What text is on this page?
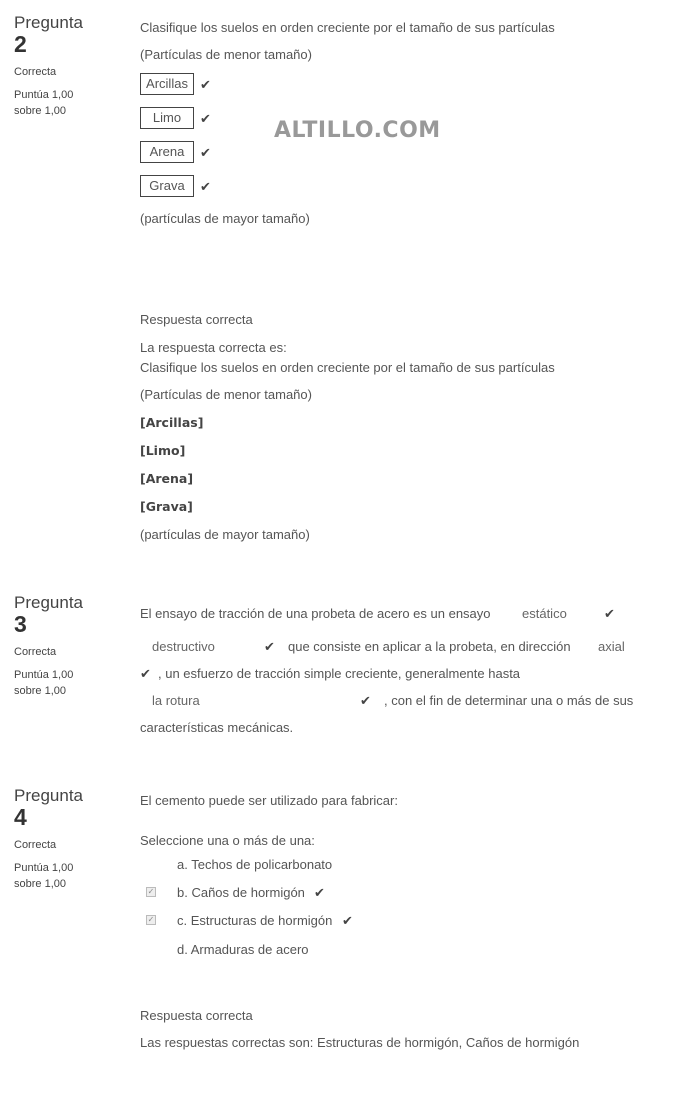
ALTILLO.COM
Pregunta
2
Correcta
Puntúa 1,00 sobre 1,00
Clasifique los suelos en orden creciente por el tamaño de sus partículas
(Partículas de menor tamaño)
Arcillas ✔
Limo	✔
Arena	✔
Grava	✔
(partículas de mayor tamaño)
Respuesta correcta
La respuesta correcta es:
Clasifique los suelos en orden creciente por el tamaño de sus partículas
(Partículas de menor tamaño)
[Arcillas]
[Limo]
[Arena]
[Grava]
(partículas de mayor tamaño)
Pregunta
3
Correcta
Puntúa 1,00 sobre 1,00
El ensayo de tracción de una probeta de acero es un ensayo estático	✔
destructivo	✔ que consiste en aplicar a la probeta, en dirección axial
✔ , un esfuerzo de tracción simple creciente, generalmente hasta
la rotura	✔ , con el fin de determinar una o más de sus
características mecánicas.
Pregunta
4
Correcta
Puntúa 1,00 sobre 1,00
El cemento puede ser utilizado para fabricar:
Seleccione una o más de una:
a. Techos de policarbonato
✓ b. Caños de hormigón ✔
✓ c. Estructuras de hormigón ✔
d. Armaduras de acero
Respuesta correcta
Las respuestas correctas son: Estructuras de hormigón, Caños de hormigón
